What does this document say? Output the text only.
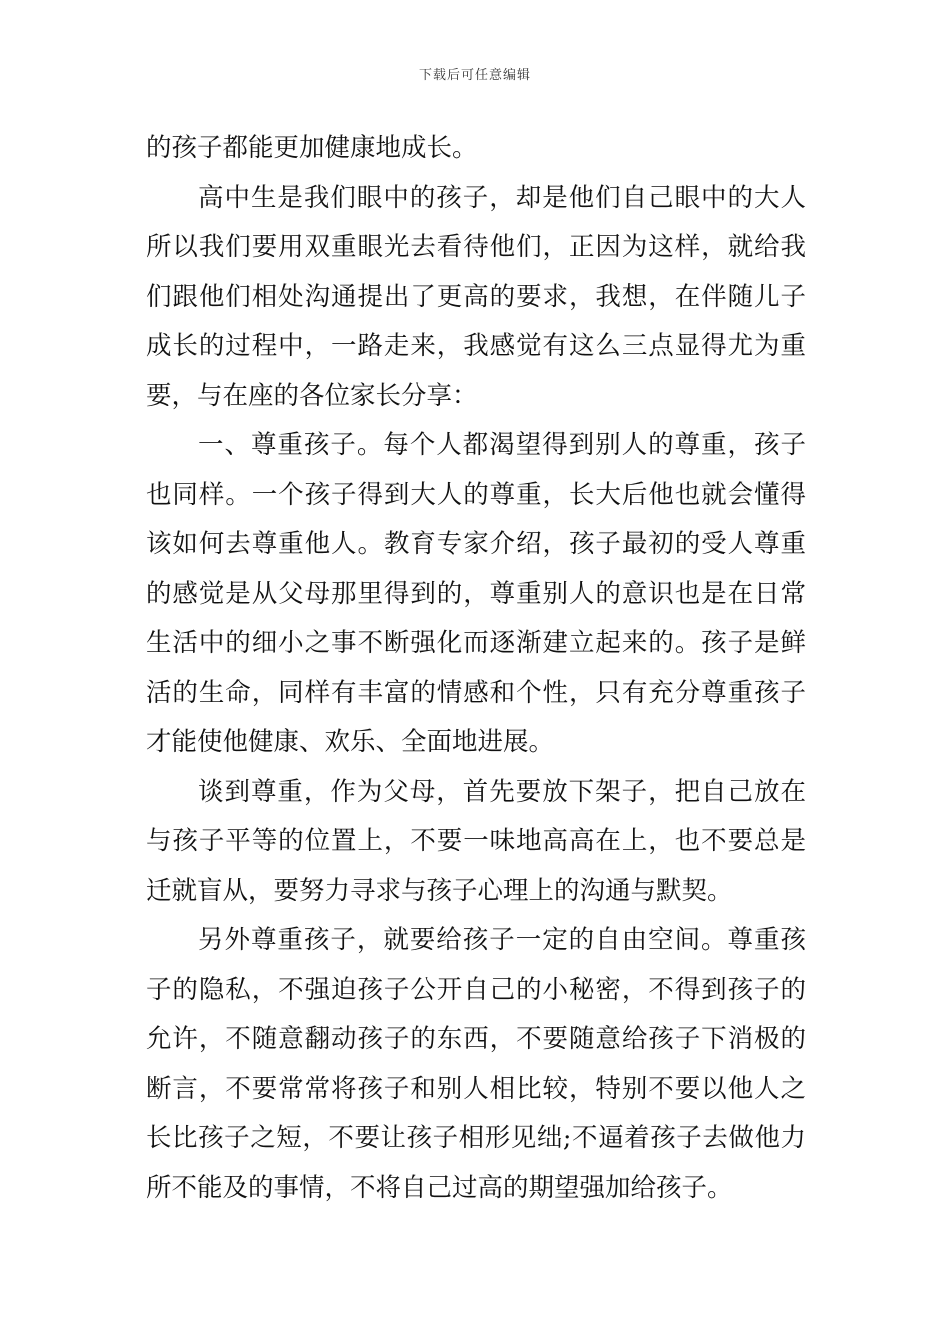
下载后可任意编辑
的孩子都能更加健康地成长。
高中生是我们眼中的孩子，却是他们自己眼中的大人
所以我们要用双重眼光去看待他们，正因为这样，就给我
们跟他们相处沟通提出了更高的要求，我想，在伴随儿子
成长的过程中，一路走来，我感觉有这么三点显得尤为重
要，与在座的各位家长分享：
一、尊重孩子。每个人都渴望得到别人的尊重，孩子
也同样。一个孩子得到大人的尊重，长大后他也就会懂得
该如何去尊重他人。教育专家介绍，孩子最初的受人尊重
的感觉是从父母那里得到的，尊重别人的意识也是在日常
生活中的细小之事不断强化而逐渐建立起来的。孩子是鲜
活的生命，同样有丰富的情感和个性，只有充分尊重孩子
才能使他健康、欢乐、全面地进展。
谈到尊重，作为父母，首先要放下架子，把自己放在
与孩子平等的位置上，不要一味地高高在上，也不要总是
迁就盲从，要努力寻求与孩子心理上的沟通与默契。
另外尊重孩子，就要给孩子一定的自由空间。尊重孩
子的隐私，不强迫孩子公开自己的小秘密，不得到孩子的
允许，不随意翻动孩子的东西，不要随意给孩子下消极的
断言，不要常常将孩子和别人相比较，特别不要以他人之
长比孩子之短，不要让孩子相形见绌;不逼着孩子去做他力
所不能及的事情，不将自己过高的期望强加给孩子。
